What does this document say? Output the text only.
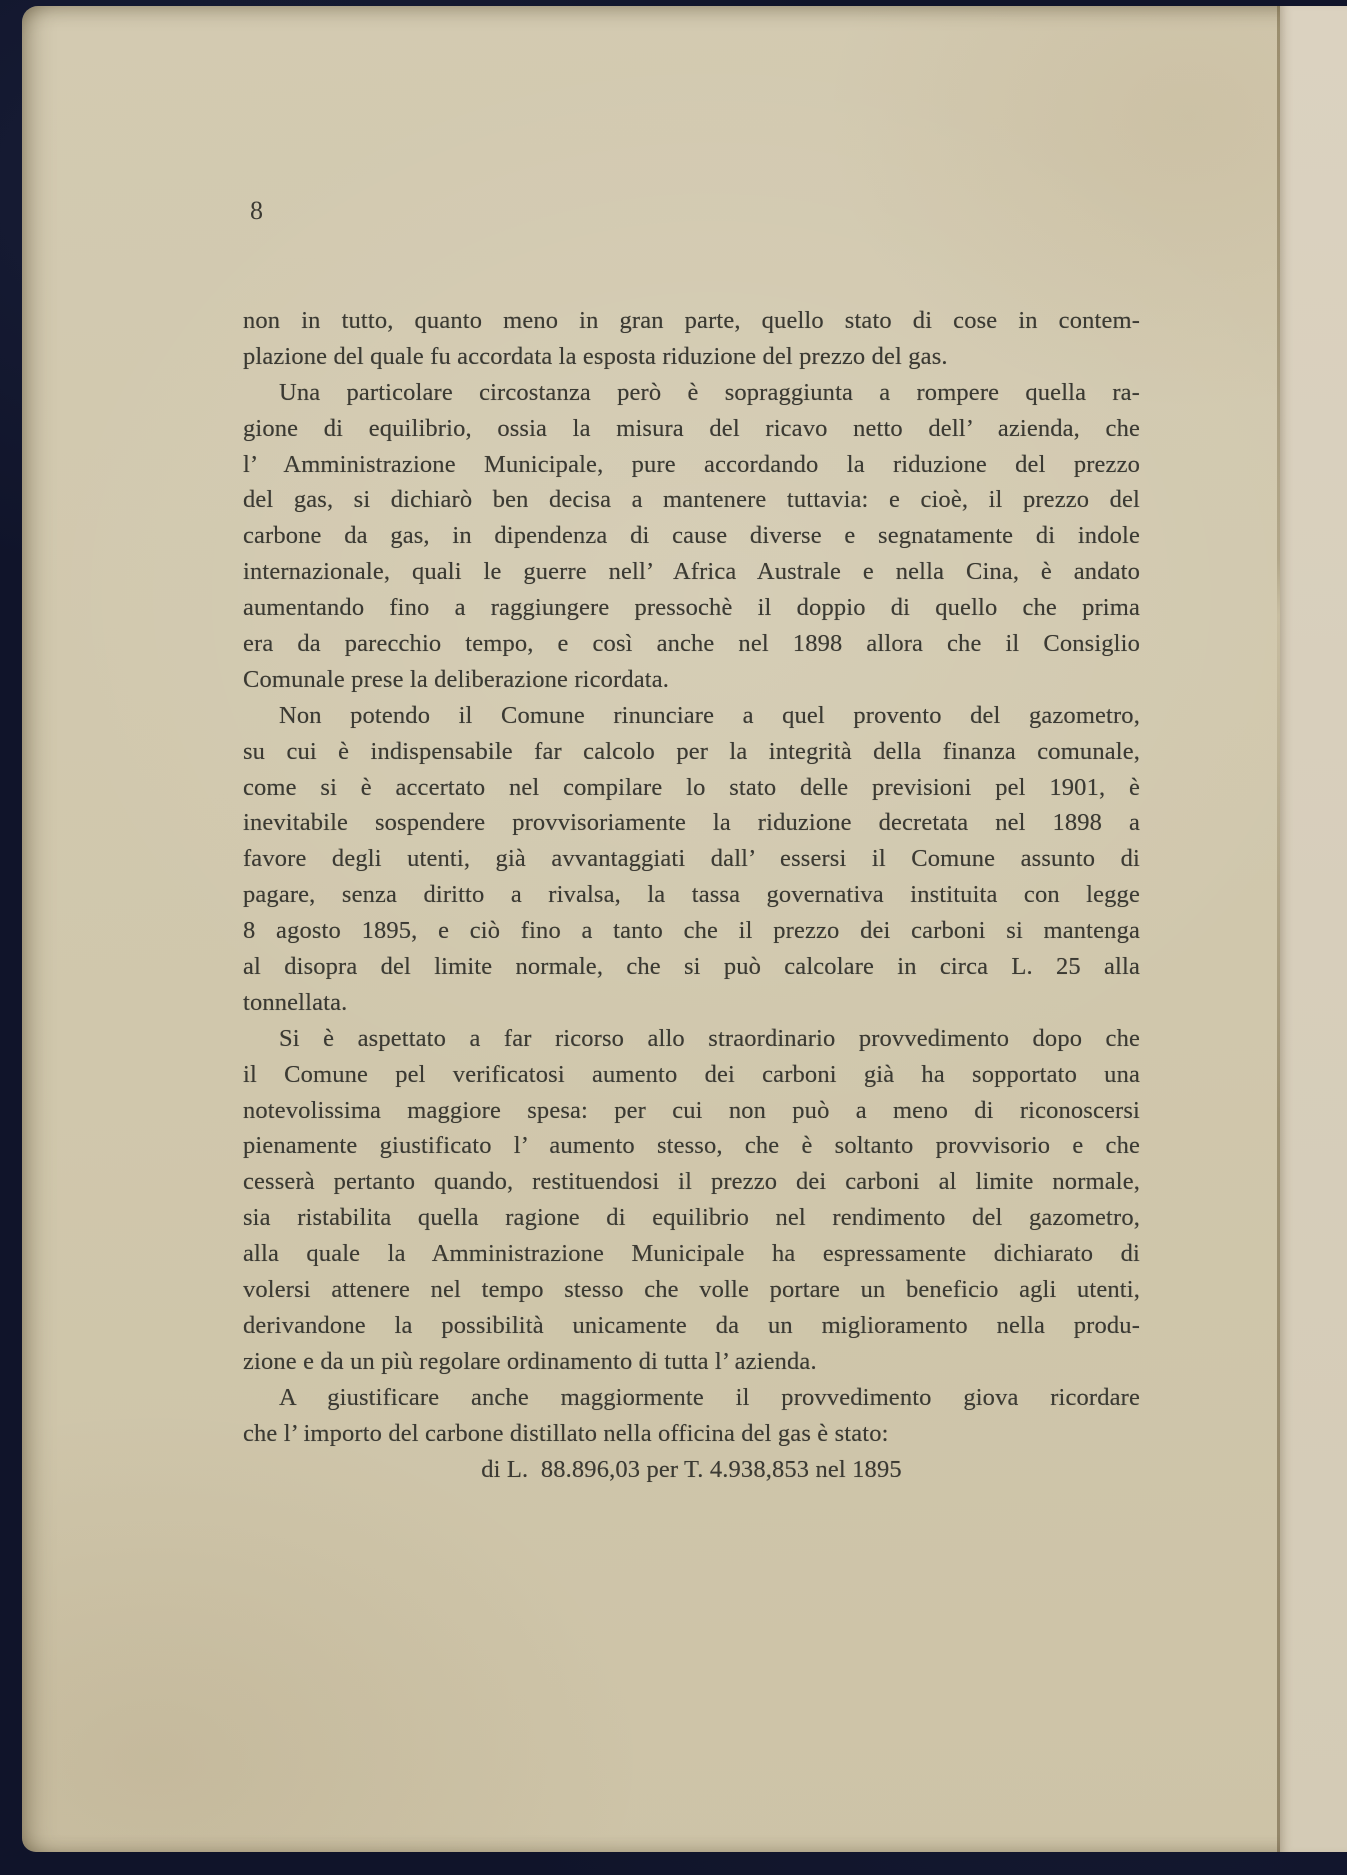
8
non in tutto, quanto meno in gran parte, quello stato di cose in contem-
plazione del quale fu accordata la esposta riduzione del prezzo del gas.
Una particolare circostanza però è sopraggiunta a rompere quella ra-
gione di equilibrio, ossia la misura del ricavo netto dell’ azienda, che
l’ Amministrazione Municipale, pure accordando la riduzione del prezzo
del gas, si dichiarò ben decisa a mantenere tuttavia: e cioè, il prezzo del
carbone da gas, in dipendenza di cause diverse e segnatamente di indole
internazionale, quali le guerre nell’ Africa Australe e nella Cina, è andato
aumentando fino a raggiungere pressochè il doppio di quello che prima
era da parecchio tempo, e così anche nel 1898 allora che il Consiglio
Comunale prese la deliberazione ricordata.
Non potendo il Comune rinunciare a quel provento del gazometro,
su cui è indispensabile far calcolo per la integrità della finanza comunale,
come si è accertato nel compilare lo stato delle previsioni pel 1901, è
inevitabile sospendere provvisoriamente la riduzione decretata nel 1898 a
favore degli utenti, già avvantaggiati dall’ essersi il Comune assunto di
pagare, senza diritto a rivalsa, la tassa governativa instituita con legge
8 agosto 1895, e ciò fino a tanto che il prezzo dei carboni si mantenga
al disopra del limite normale, che si può calcolare in circa L. 25 alla
tonnellata.
Si è aspettato a far ricorso allo straordinario provvedimento dopo che
il Comune pel verificatosi aumento dei carboni già ha sopportato una
notevolissima maggiore spesa: per cui non può a meno di riconoscersi
pienamente giustificato l’ aumento stesso, che è soltanto provvisorio e che
cesserà pertanto quando, restituendosi il prezzo dei carboni al limite normale,
sia ristabilita quella ragione di equilibrio nel rendimento del gazometro,
alla quale la Amministrazione Municipale ha espressamente dichiarato di
volersi attenere nel tempo stesso che volle portare un beneficio agli utenti,
derivandone la possibilità unicamente da un miglioramento nella produ-
zione e da un più regolare ordinamento di tutta l’ azienda.
A giustificare anche maggiormente il provvedimento giova ricordare
che l’ importo del carbone distillato nella officina del gas è stato:
di L.  88.896,03 per T. 4.938,853 nel 1895
